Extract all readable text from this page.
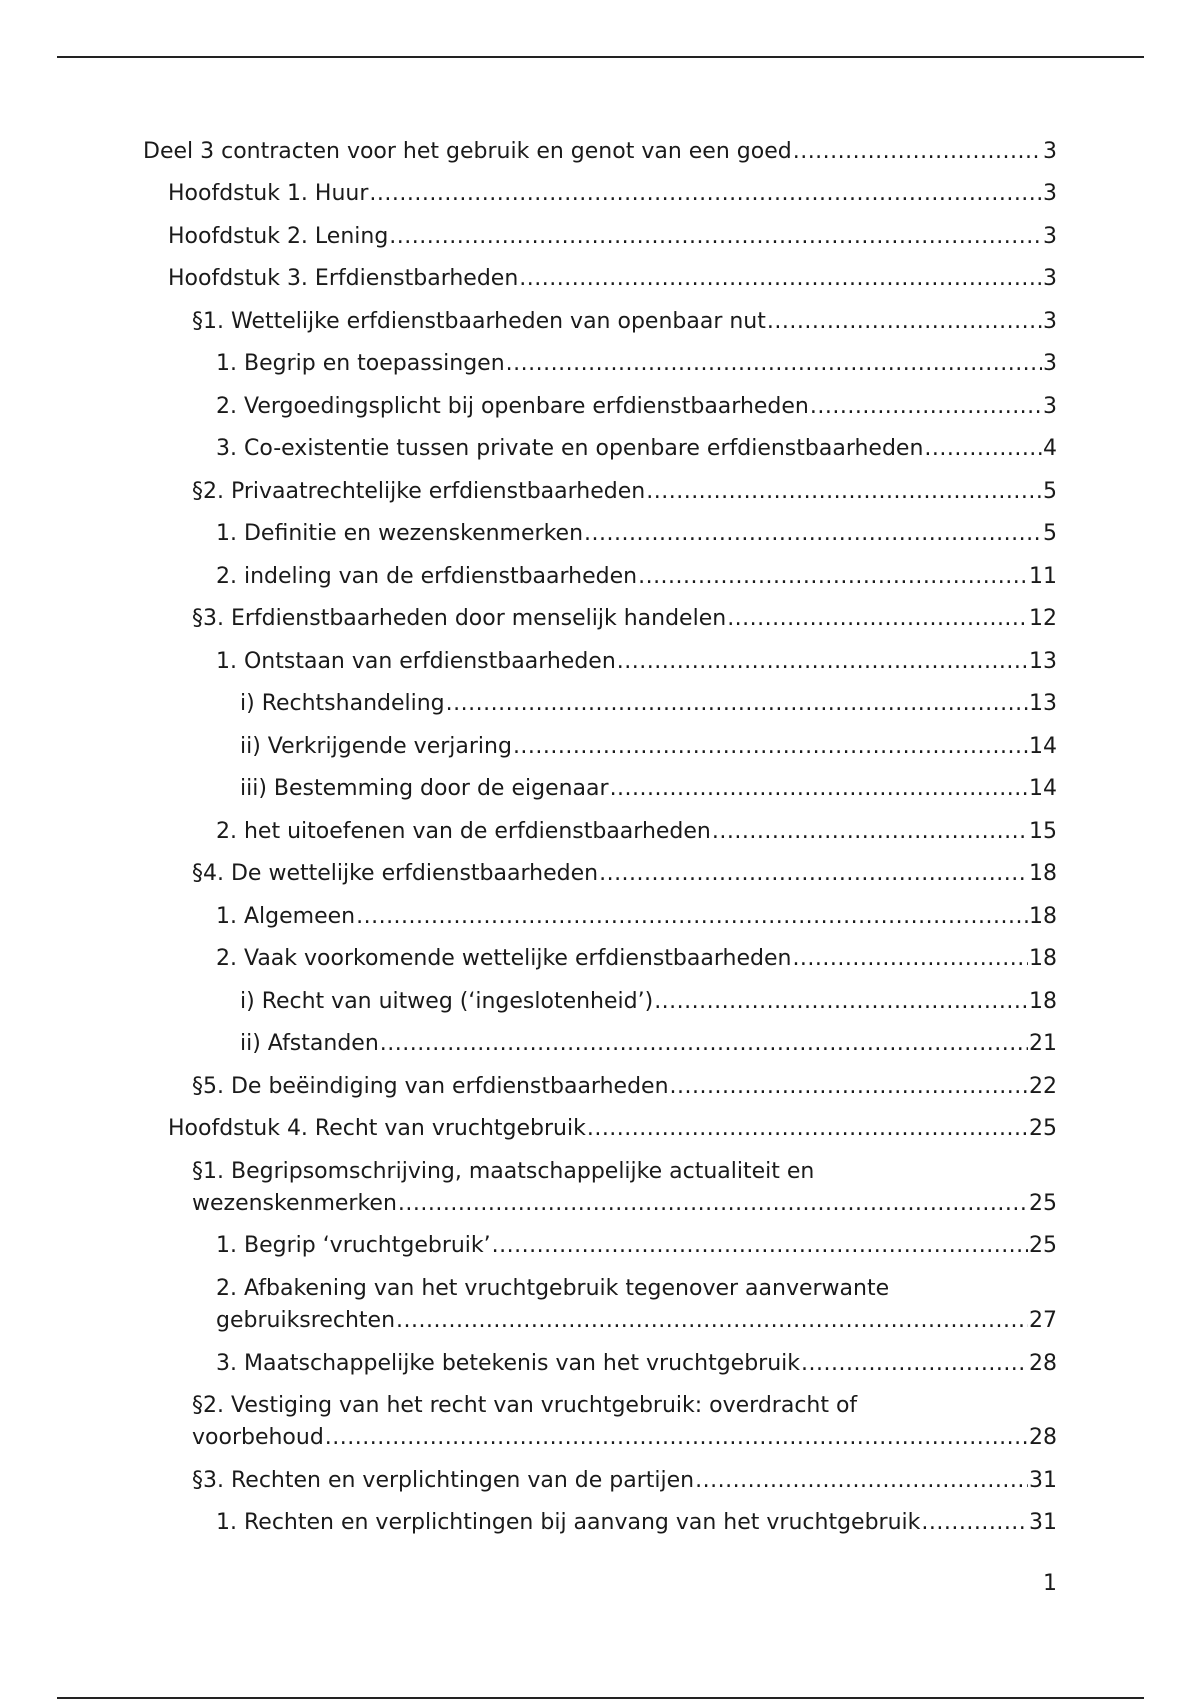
Deel 3 contracten voor het gebruik en genot van een goed .....	3
Hoofdstuk 1. Huur .....	3
Hoofdstuk 2. Lening .....	3
Hoofdstuk 3. Erfdienstbarheden .....	3
§1. Wettelijke erfdienstbaarheden van openbaar nut .....	3
1. Begrip en toepassingen .....	3
2. Vergoedingsplicht bij openbare erfdienstbaarheden .....	3
3. Co-existentie tussen private en openbare erfdienstbaarheden .....	4
§2. Privaatrechtelijke erfdienstbaarheden .....	5
1. Definitie en wezenskenmerken .....	5
2. indeling van de erfdienstbaarheden .....	11
§3. Erfdienstbaarheden door menselijk handelen .....	12
1. Ontstaan van erfdienstbaarheden .....	13
i) Rechtshandeling .....	13
ii) Verkrijgende verjaring .....	14
iii) Bestemming door de eigenaar .....	14
2. het uitoefenen van de erfdienstbaarheden .....	15
§4. De wettelijke erfdienstbaarheden .....	18
1. Algemeen .....	18
2. Vaak voorkomende wettelijke erfdienstbaarheden .....	18
i) Recht van uitweg (‘ingeslotenheid’) .....	18
ii) Afstanden .....	21
§5. De beëindiging van erfdienstbaarheden .....	22
Hoofdstuk 4. Recht van vruchtgebruik .....	25
§1. Begripsomschrijving, maatschappelijke actualiteit en
wezenskenmerken .....	25
1. Begrip ‘vruchtgebruik’ .....	25
2. Afbakening van het vruchtgebruik tegenover aanverwante
gebruiksrechten .....	27
3. Maatschappelijke betekenis van het vruchtgebruik .....	28
§2. Vestiging van het recht van vruchtgebruik: overdracht of
voorbehoud .....	28
§3. Rechten en verplichtingen van de partijen .....	31
1. Rechten en verplichtingen bij aanvang van het vruchtgebruik .....	31
1
